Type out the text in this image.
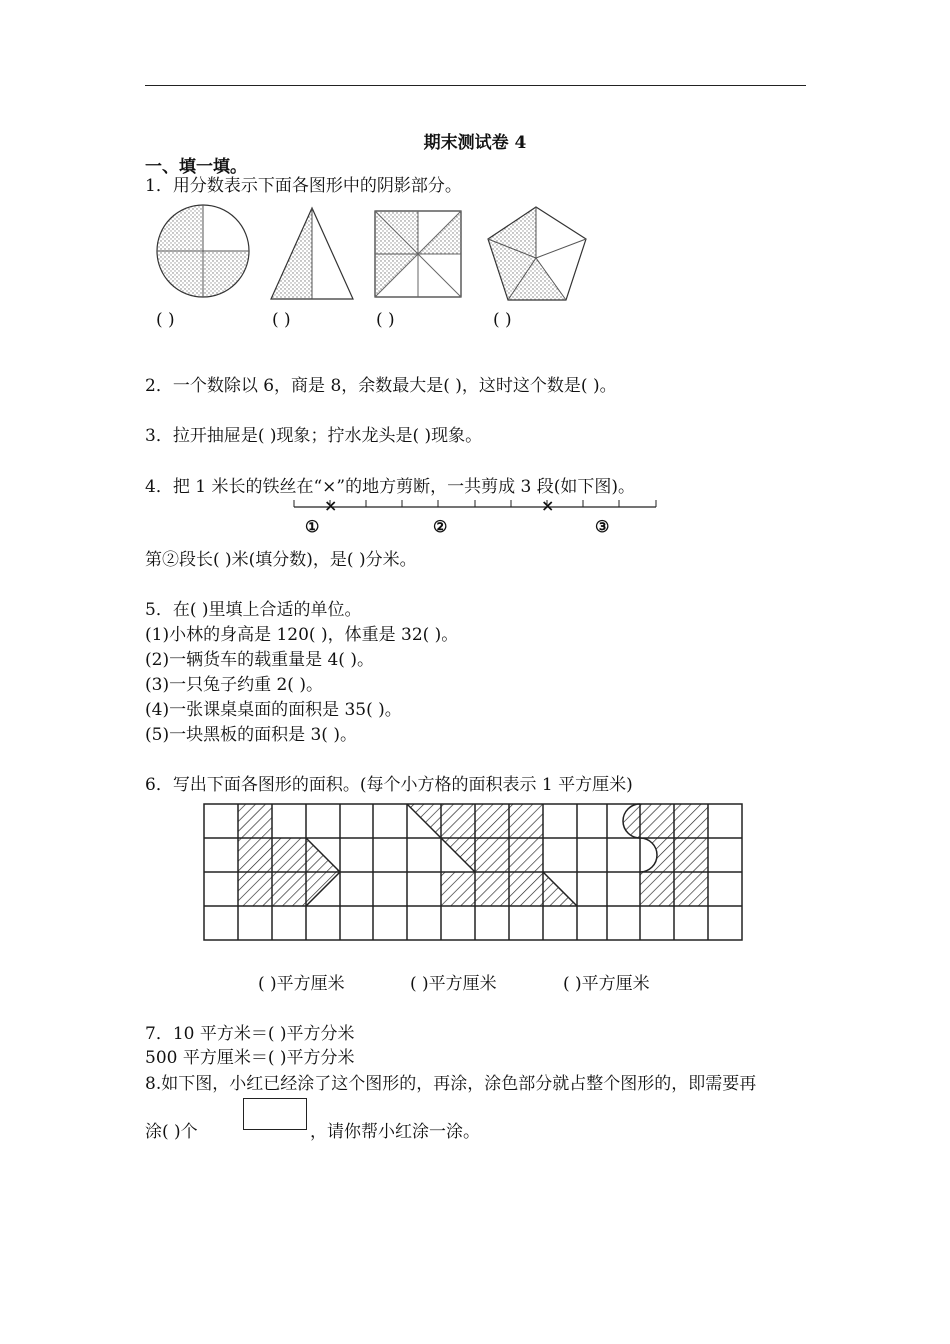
期末测试卷 4
一、填一填。
1．用分数表示下面各图形中的阴影部分。
( )	( )	( )	( )
2．一个数除以 6，商是 8，余数最大是( )，这时这个数是( )。
3．拉开抽屉是( )现象；拧水龙头是( )现象。
4．把 1 米长的铁丝在“×”的地方剪断，一共剪成 3 段(如下图)。
×	×
①	②	③
第②段长( )米(填分数)，是( )分米。
5．在( )里填上合适的单位。
(1)小林的身高是 120( )，体重是 32( )。
(2)一辆货车的载重量是 4( )。
(3)一只兔子约重 2( )。
(4)一张课桌桌面的面积是 35( )。
(5)一块黑板的面积是 3( )。
6．写出下面各图形的面积。(每个小方格的面积表示 1 平方厘米)
( )平方厘米	( )平方厘米	( )平方厘米
7．10 平方米＝( )平方分米
500 平方厘米＝( )平方分米
8.如下图，小红已经涂了这个图形的，再涂，涂色部分就占整个图形的，即需要再
涂( )个	，请你帮小红涂一涂。
